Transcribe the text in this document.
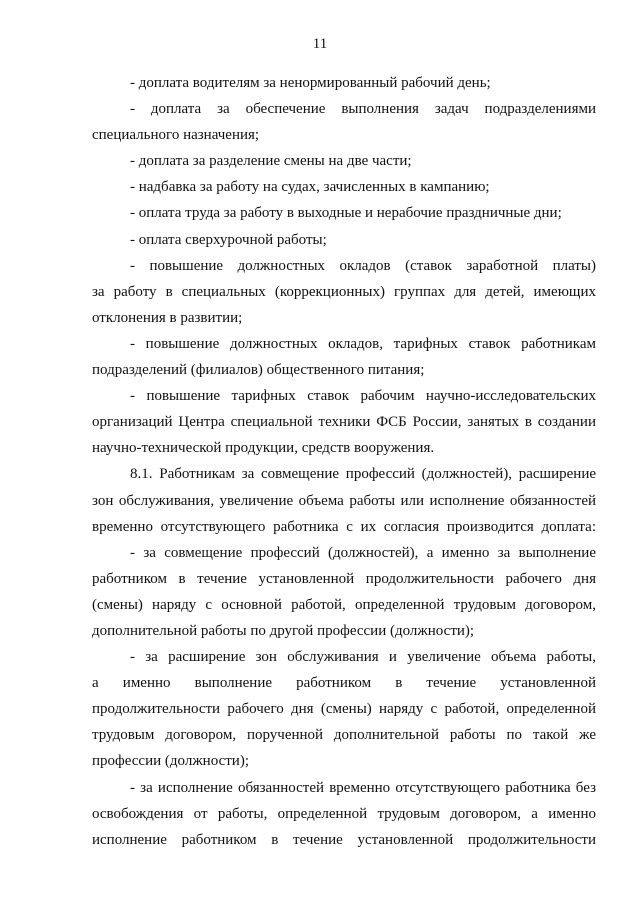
11
- доплата водителям за ненормированный рабочий день;
- доплата за обеспечение выполнения задач подразделениями
специального назначения;
- доплата за разделение смены на две части;
- надбавка за работу на судах, зачисленных в кампанию;
- оплата труда за работу в выходные и нерабочие праздничные дни;
- оплата сверхурочной работы;
- повышение должностных окладов (ставок заработной платы)
за работу в специальных (коррекционных) группах для детей, имеющих
отклонения в развитии;
- повышение должностных окладов, тарифных ставок работникам
подразделений (филиалов) общественного питания;
- повышение тарифных ставок рабочим научно-исследовательских
организаций Центра специальной техники ФСБ России, занятых в создании
научно-технической продукции, средств вооружения.
8.1. Работникам за совмещение профессий (должностей), расширение
зон обслуживания, увеличение объема работы или исполнение обязанностей
временно отсутствующего работника с их согласия производится доплата:
- за совмещение профессий (должностей), а именно за выполнение
работником в течение установленной продолжительности рабочего дня
(смены) наряду с основной работой, определенной трудовым договором,
дополнительной работы по другой профессии (должности);
- за расширение зон обслуживания и увеличение объема работы,
а именно выполнение работником в течение установленной
продолжительности рабочего дня (смены) наряду с работой, определенной
трудовым договором, порученной дополнительной работы по такой же
профессии (должности);
- за исполнение обязанностей временно отсутствующего работника без
освобождения от работы, определенной трудовым договором, а именно
исполнение работником в течение установленной продолжительности
